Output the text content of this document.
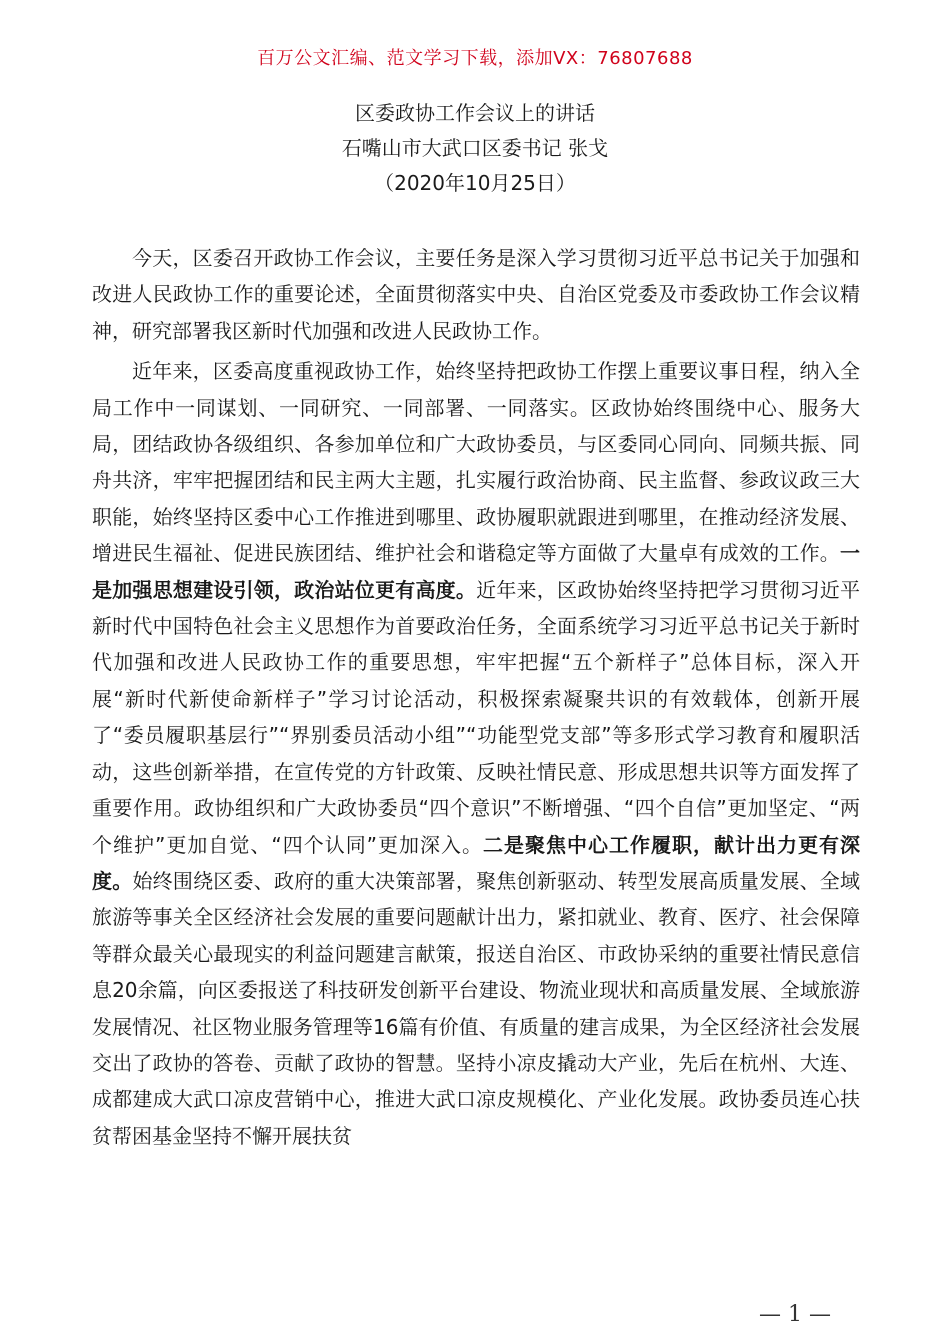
百万公文汇编、范文学习下载，添加VX：76807688
区委政协工作会议上的讲话
石嘴山市大武口区委书记 张戈
（2020年10月25日）

今天，区委召开政协工作会议，主要任务是深入学习贯彻习近平总书记关于加强和改进人民政协工作的重要论述，全面贯彻落实中央、自治区党委及市委政协工作会议精神，研究部署我区新时代加强和改进人民政协工作。

近年来，区委高度重视政协工作，始终坚持把政协工作摆上重要议事日程，纳入全局工作中一同谋划、一同研究、一同部署、一同落实。区政协始终围绕中心、服务大局，团结政协各级组织、各参加单位和广大政协委员，与区委同心同向、同频共振、同舟共济，牢牢把握团结和民主两大主题，扎实履行政治协商、民主监督、参政议政三大职能，始终坚持区委中心工作推进到哪里、政协履职就跟进到哪里，在推动经济发展、增进民生福祉、促进民族团结、维护社会和谐稳定等方面做了大量卓有成效的工作。一是加强思想建设引领，政治站位更有高度。近年来，区政协始终坚持把学习贯彻习近平新时代中国特色社会主义思想作为首要政治任务，全面系统学习习近平总书记关于新时代加强和改进人民政协工作的重要思想，牢牢把握“五个新样子”总体目标，深入开展“新时代新使命新样子”学习讨论活动，积极探索凝聚共识的有效载体，创新开展了“委员履职基层行”“界别委员活动小组”“功能型党支部”等多形式学习教育和履职活动，这些创新举措，在宣传党的方针政策、反映社情民意、形成思想共识等方面发挥了重要作用。政协组织和广大政协委员“四个意识”不断增强、“四个自信”更加坚定、“两个维护”更加自觉、“四个认同”更加深入。二是聚焦中心工作履职，献计出力更有深度。始终围绕区委、政府的重大决策部署，聚焦创新驱动、转型发展高质量发展、全域旅游等事关全区经济社会发展的重要问题献计出力，紧扣就业、教育、医疗、社会保障等群众最关心最现实的利益问题建言献策，报送自治区、市政协采纳的重要社情民意信息20余篇，向区委报送了科技研发创新平台建设、物流业现状和高质量发展、全域旅游发展情况、社区物业服务管理等16篇有价值、有质量的建言成果，为全区经济社会发展交出了政协的答卷、贡献了政协的智慧。坚持小凉皮撬动大产业，先后在杭州、大连、成都建成大武口凉皮营销中心，推进大武口凉皮规模化、产业化发展。政协委员连心扶贫帮困基金坚持不懈开展扶贫

— 1 —
